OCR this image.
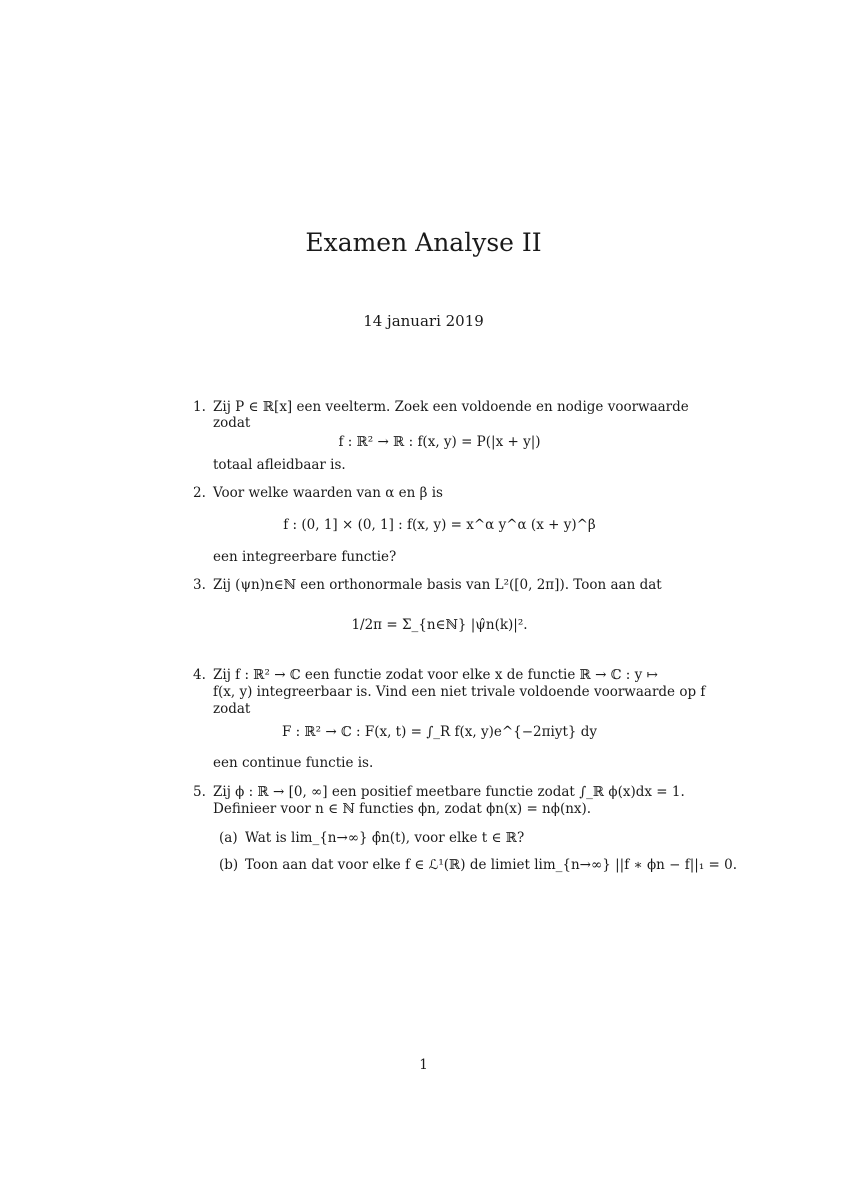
Examen Analyse II
14 januari 2019
1. Zij P ∈ ℝ[x] een veelterm. Zoek een voldoende en nodige voorwaarde
zodat
f : ℝ² → ℝ : f(x, y) = P(|x + y|)
totaal afleidbaar is.
2. Voor welke waarden van α en β is
f : (0, 1] × (0, 1] : f(x, y) = x^α y^α (x + y)^β
een integreerbare functie?
3. Zij (ψn)n∈ℕ een orthonormale basis van L²([0, 2π]). Toon aan dat
1/2π = Σ_{n∈ℕ} |ψ̂n(k)|².
4. Zij f : ℝ² → ℂ een functie zodat voor elke x de functie ℝ → ℂ : y ↦
f(x, y) integreerbaar is. Vind een niet trivale voldoende voorwaarde op f
zodat
F : ℝ² → ℂ : F(x, t) = ∫_R f(x, y)e^{−2πiyt} dy
een continue functie is.
5. Zij ϕ : ℝ → [0, ∞] een positief meetbare functie zodat ∫_ℝ ϕ(x)dx = 1.
Definieer voor n ∈ ℕ functies ϕn, zodat ϕn(x) = nϕ(nx).
(a) Wat is lim_{n→∞} ϕ̂n(t), voor elke t ∈ ℝ?
(b) Toon aan dat voor elke f ∈ ℒ¹(ℝ) de limiet lim_{n→∞} ||f ∗ ϕn − f||₁ = 0.
1
